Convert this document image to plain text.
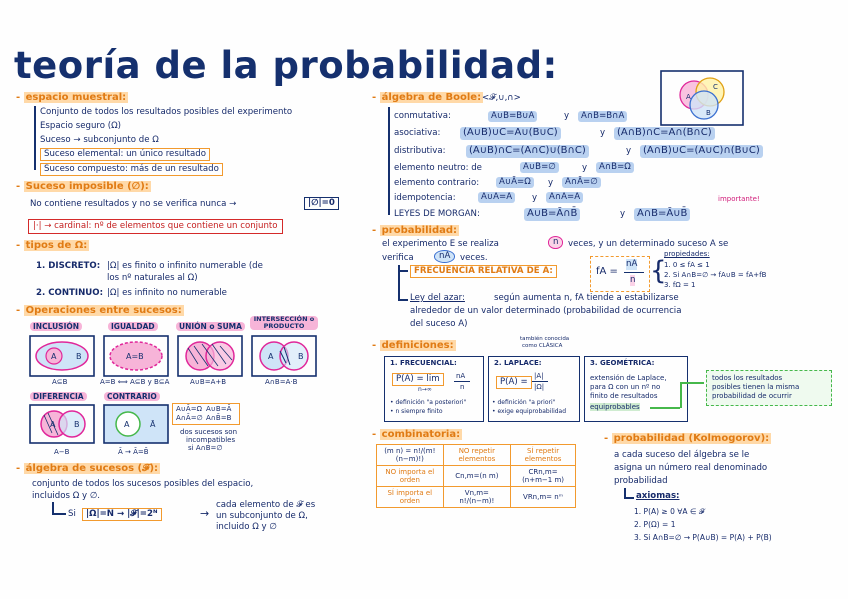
teoría de la probabilidad:
- espacio muestral:
Conjunto de todos los resultados posibles del experimento
Espacio seguro (Ω)
Suceso → subconjunto de Ω
Suceso elemental: un único resultado
Suceso compuesto: más de un resultado
- Suceso imposible (∅):
No contiene resultados y no se verifica nunca →	|∅|=0
|·| → cardinal: nº de elementos que contiene un conjunto
- tipos de Ω:
1. DISCRETO: |Ω| es finito o infinito numerable (de
los nº naturales al Ω)
2. CONTINUO: |Ω| es infinito no numerable
- Operaciones entre sucesos:
INCLUSIÓN	IGUALDAD	UNIÓN o SUMA
INTERSECCIÓN o PRODUCTO
A B	A=B	A	B
A⊆B	A=B ⟺ A⊆B y B⊆A	A∪B=A+B	A∩B=A·B
DIFERENCIA	CONTRARIO
A B	A	Ā
A−B	Ā → Ā=B̄
A∪Ā=Ω A∪B=Ā
A∩Ā=∅ A∩B̄=B
dos sucesos son
incompatibles
si A∩B=∅
- álgebra de sucesos (𝓕):
conjunto de todos los sucesos posibles del espacio,
incluidos Ω y ∅.
Si	|Ω|=N → |𝓕|=2ᴺ	→
cada elemento de 𝓕 es
un subconjunto de Ω,
incluido Ω y ∅
A
C
B
- álgebra de Boole: <𝓕,∪,∩>
conmutativa:	A∪B=B∪A	y	A∩B=B∩A
asociativa:	(A∪B)∪C=A∪(B∪C)	y	(A∩B)∩C=A∩(B∩C)
distributiva:	(A∪B)∩C=(A∩C)∪(B∩C)	y	(A∩B)∪C=(A∪C)∩(B∪C)
elemento neutro: de	A∪B=∅	y	A∩B=Ω
elemento contrario:	A∪Ā=Ω	y	A∩Ā=∅
idempotencia:	A∪A=A	y	A∩A=A
LEYES DE MORGAN:	A∪B=Ā∩B̄	y	A∩B=Ā∪B̄
importante!
- probabilidad:
el experimento E se realiza	n	veces, y un determinado suceso A se
verifica	nA	veces.
FRECUENCIA RELATIVA DE A:	fA =
nA
n {
propiedades:
1. 0 ≤ fA ≤ 1
2. Si A∩B=∅ → fA∪B = fA+fB
3. fΩ = 1
Ley del azar:	según aumenta n, fA tiende a estabilizarse
alrededor de un valor determinado (probabilidad de ocurrencia
del suceso A)
- definiciones:
también conocida
como CLÁSICA
1. FRECUENCIAL:
P(A) = lim	nA
n
n→∞
• definición "a posteriori"
• n siempre finito
2. LAPLACE:
P(A) =
|A|
|Ω|
• definición "a priori"
• exige equiprobabilidad
3. GEOMÉTRICA:
extensión de Laplace,
para Ω con un nº no
finito de resultados
equiprobables
todos los resultados
posibles tienen la misma
probabilidad de ocurrir
- combinatoria:
(m n) = n!/(m!(n−m)!)	NO repetir elementos	SÍ repetir elementos
NO importa el orden	Cn,m=(n m)	CRn,m=(n+m−1 m)
SÍ importa el orden	Vn,m= n!/(n−m)!	VRn,m= nᵐ
- probabilidad (Kolmogorov):
a cada suceso del álgebra se le
asigna un número real denominado
probabilidad
axiomas:
1. P(A) ≥ 0 ∀A ∈ 𝓕
2. P(Ω) = 1
3. Si A∩B=∅ → P(A∪B) = P(A) + P(B)
